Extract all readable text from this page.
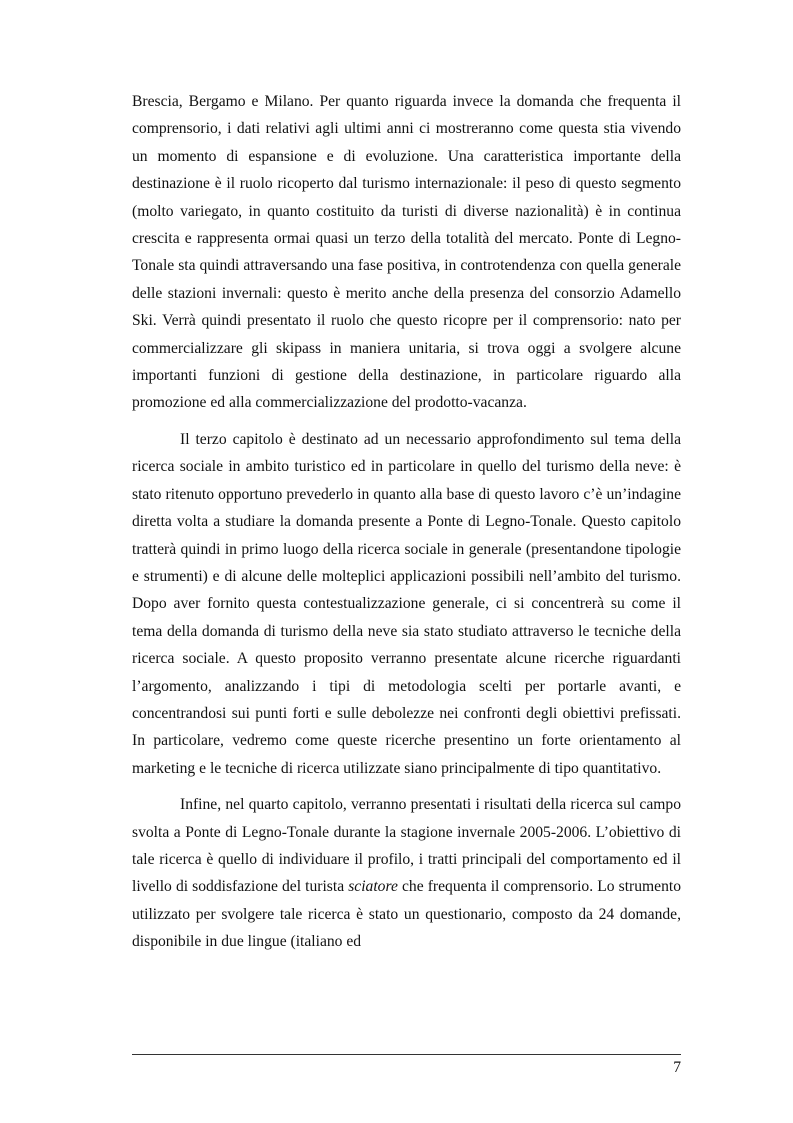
Brescia, Bergamo e Milano. Per quanto riguarda invece la domanda che frequenta il comprensorio, i dati relativi agli ultimi anni ci mostreranno come questa stia vivendo un momento di espansione e di evoluzione. Una caratteristica importante della destinazione è il ruolo ricoperto dal turismo internazionale: il peso di questo segmento (molto variegato, in quanto costituito da turisti di diverse nazionalità) è in continua crescita e rappresenta ormai quasi un terzo della totalità del mercato. Ponte di Legno-Tonale sta quindi attraversando una fase positiva, in controtendenza con quella generale delle stazioni invernali: questo è merito anche della presenza del consorzio Adamello Ski. Verrà quindi presentato il ruolo che questo ricopre per il comprensorio: nato per commercializzare gli skipass in maniera unitaria, si trova oggi a svolgere alcune importanti funzioni di gestione della destinazione, in particolare riguardo alla promozione ed alla commercializzazione del prodotto-vacanza.

Il terzo capitolo è destinato ad un necessario approfondimento sul tema della ricerca sociale in ambito turistico ed in particolare in quello del turismo della neve: è stato ritenuto opportuno prevederlo in quanto alla base di questo lavoro c’è un’indagine diretta volta a studiare la domanda presente a Ponte di Legno-Tonale. Questo capitolo tratterà quindi in primo luogo della ricerca sociale in generale (presentandone tipologie e strumenti) e di alcune delle molteplici applicazioni possibili nell’ambito del turismo. Dopo aver fornito questa contestualizzazione generale, ci si concentrerà su come il tema della domanda di turismo della neve sia stato studiato attraverso le tecniche della ricerca sociale. A questo proposito verranno presentate alcune ricerche riguardanti l’argomento, analizzando i tipi di metodologia scelti per portarle avanti, e concentrandosi sui punti forti e sulle debolezze nei confronti degli obiettivi prefissati. In particolare, vedremo come queste ricerche presentino un forte orientamento al marketing e le tecniche di ricerca utilizzate siano principalmente di tipo quantitativo.

Infine, nel quarto capitolo, verranno presentati i risultati della ricerca sul campo svolta a Ponte di Legno-Tonale durante la stagione invernale 2005-2006. L’obiettivo di tale ricerca è quello di individuare il profilo, i tratti principali del comportamento ed il livello di soddisfazione del turista sciatore che frequenta il comprensorio. Lo strumento utilizzato per svolgere tale ricerca è stato un questionario, composto da 24 domande, disponibile in due lingue (italiano ed

7
